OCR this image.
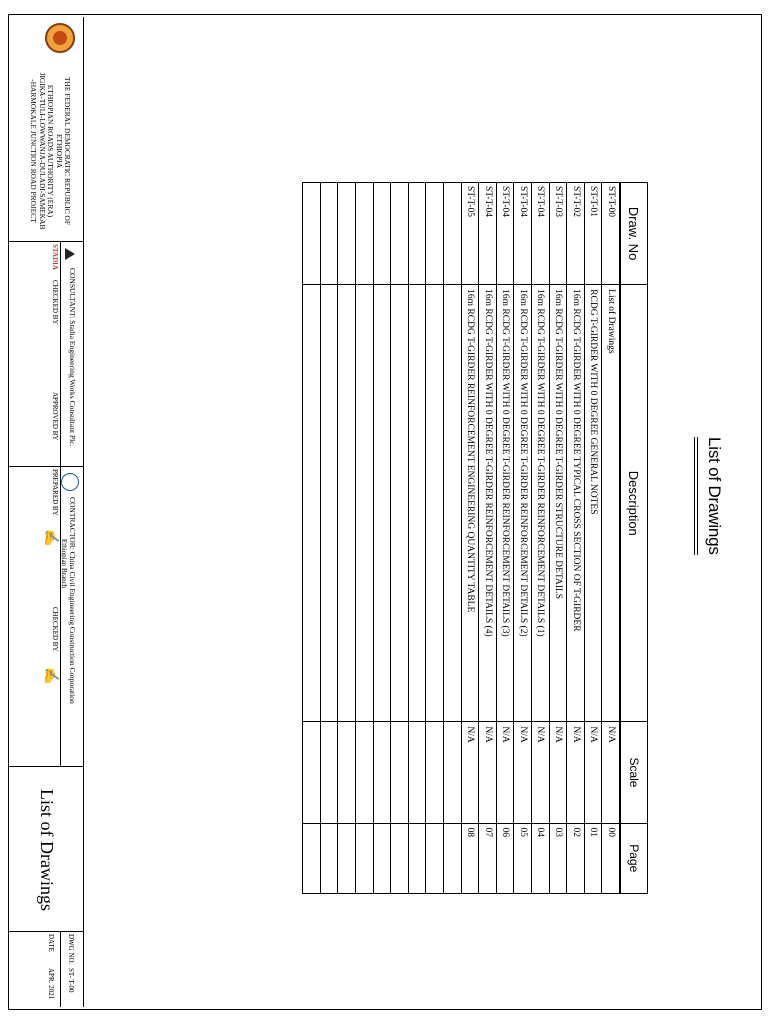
List of Drawings
Draw. No	Description	Scale	Page
ST-T-00	List of Drawings	N/A	00
ST-T-01	RCDG T-GIRDER WITH 0 DEGREE GENERAL NOTES	N/A	01
ST-T-02	16m RCDG T-GIRDER WITH 0 DEGREE TYPICAL CROSS SECTION OF T-GIRDER	N/A	02
ST-T-03	16m RCDG T-GIRDER WITH 0 DEGREE T-GIRDER STRUCTURE DETAILS	N/A	03
ST-T-04	16m RCDG T-GIRDER WITH 0 DEGREE T-GIRDER REINFORCEMENT DETAILS (1)	N/A	04
ST-T-04	16m RCDG T-GIRDER WITH 0 DEGREE T-GIRDER REINFORCEMENT DETAILS (2)	N/A	05
ST-T-04	16m RCDG T-GIRDER WITH 0 DEGREE T-GIRDER REINFORCEMENT DETAILS (3)	N/A	06
ST-T-04	16m RCDG T-GIRDER WITH 0 DEGREE T-GIRDER REINFORCEMENT DETAILS (4)	N/A	07
ST-T-05	16m RCDG T-GIRDER REINFORCEMENT ENGINEERING QUANTITY TABLE	N/A	08

THE FEDERAL DEMOCRATIC REPUBLIC OF ETHIOPIA
ETHIOPIAN ROADS AUTHORITY (ERA)
JIGIKA-TULI-LOWWANJA-DULADI-SAMEKAB
-HARMOKALE JUNCTION ROAD PROJECT
STADIA
CONSULTANT: Stadia Engineering Works Consultant Plc.
CHECKED BY
APPROVED BY
CONTRACTOR: China Civil Engineering Construction Corporation
Ethiopian Branch
PREPARED BY
✍
CHECKED BY
✍
List of Drawings
DWG NO.
ST- T-00
DATE
APR. 2021
